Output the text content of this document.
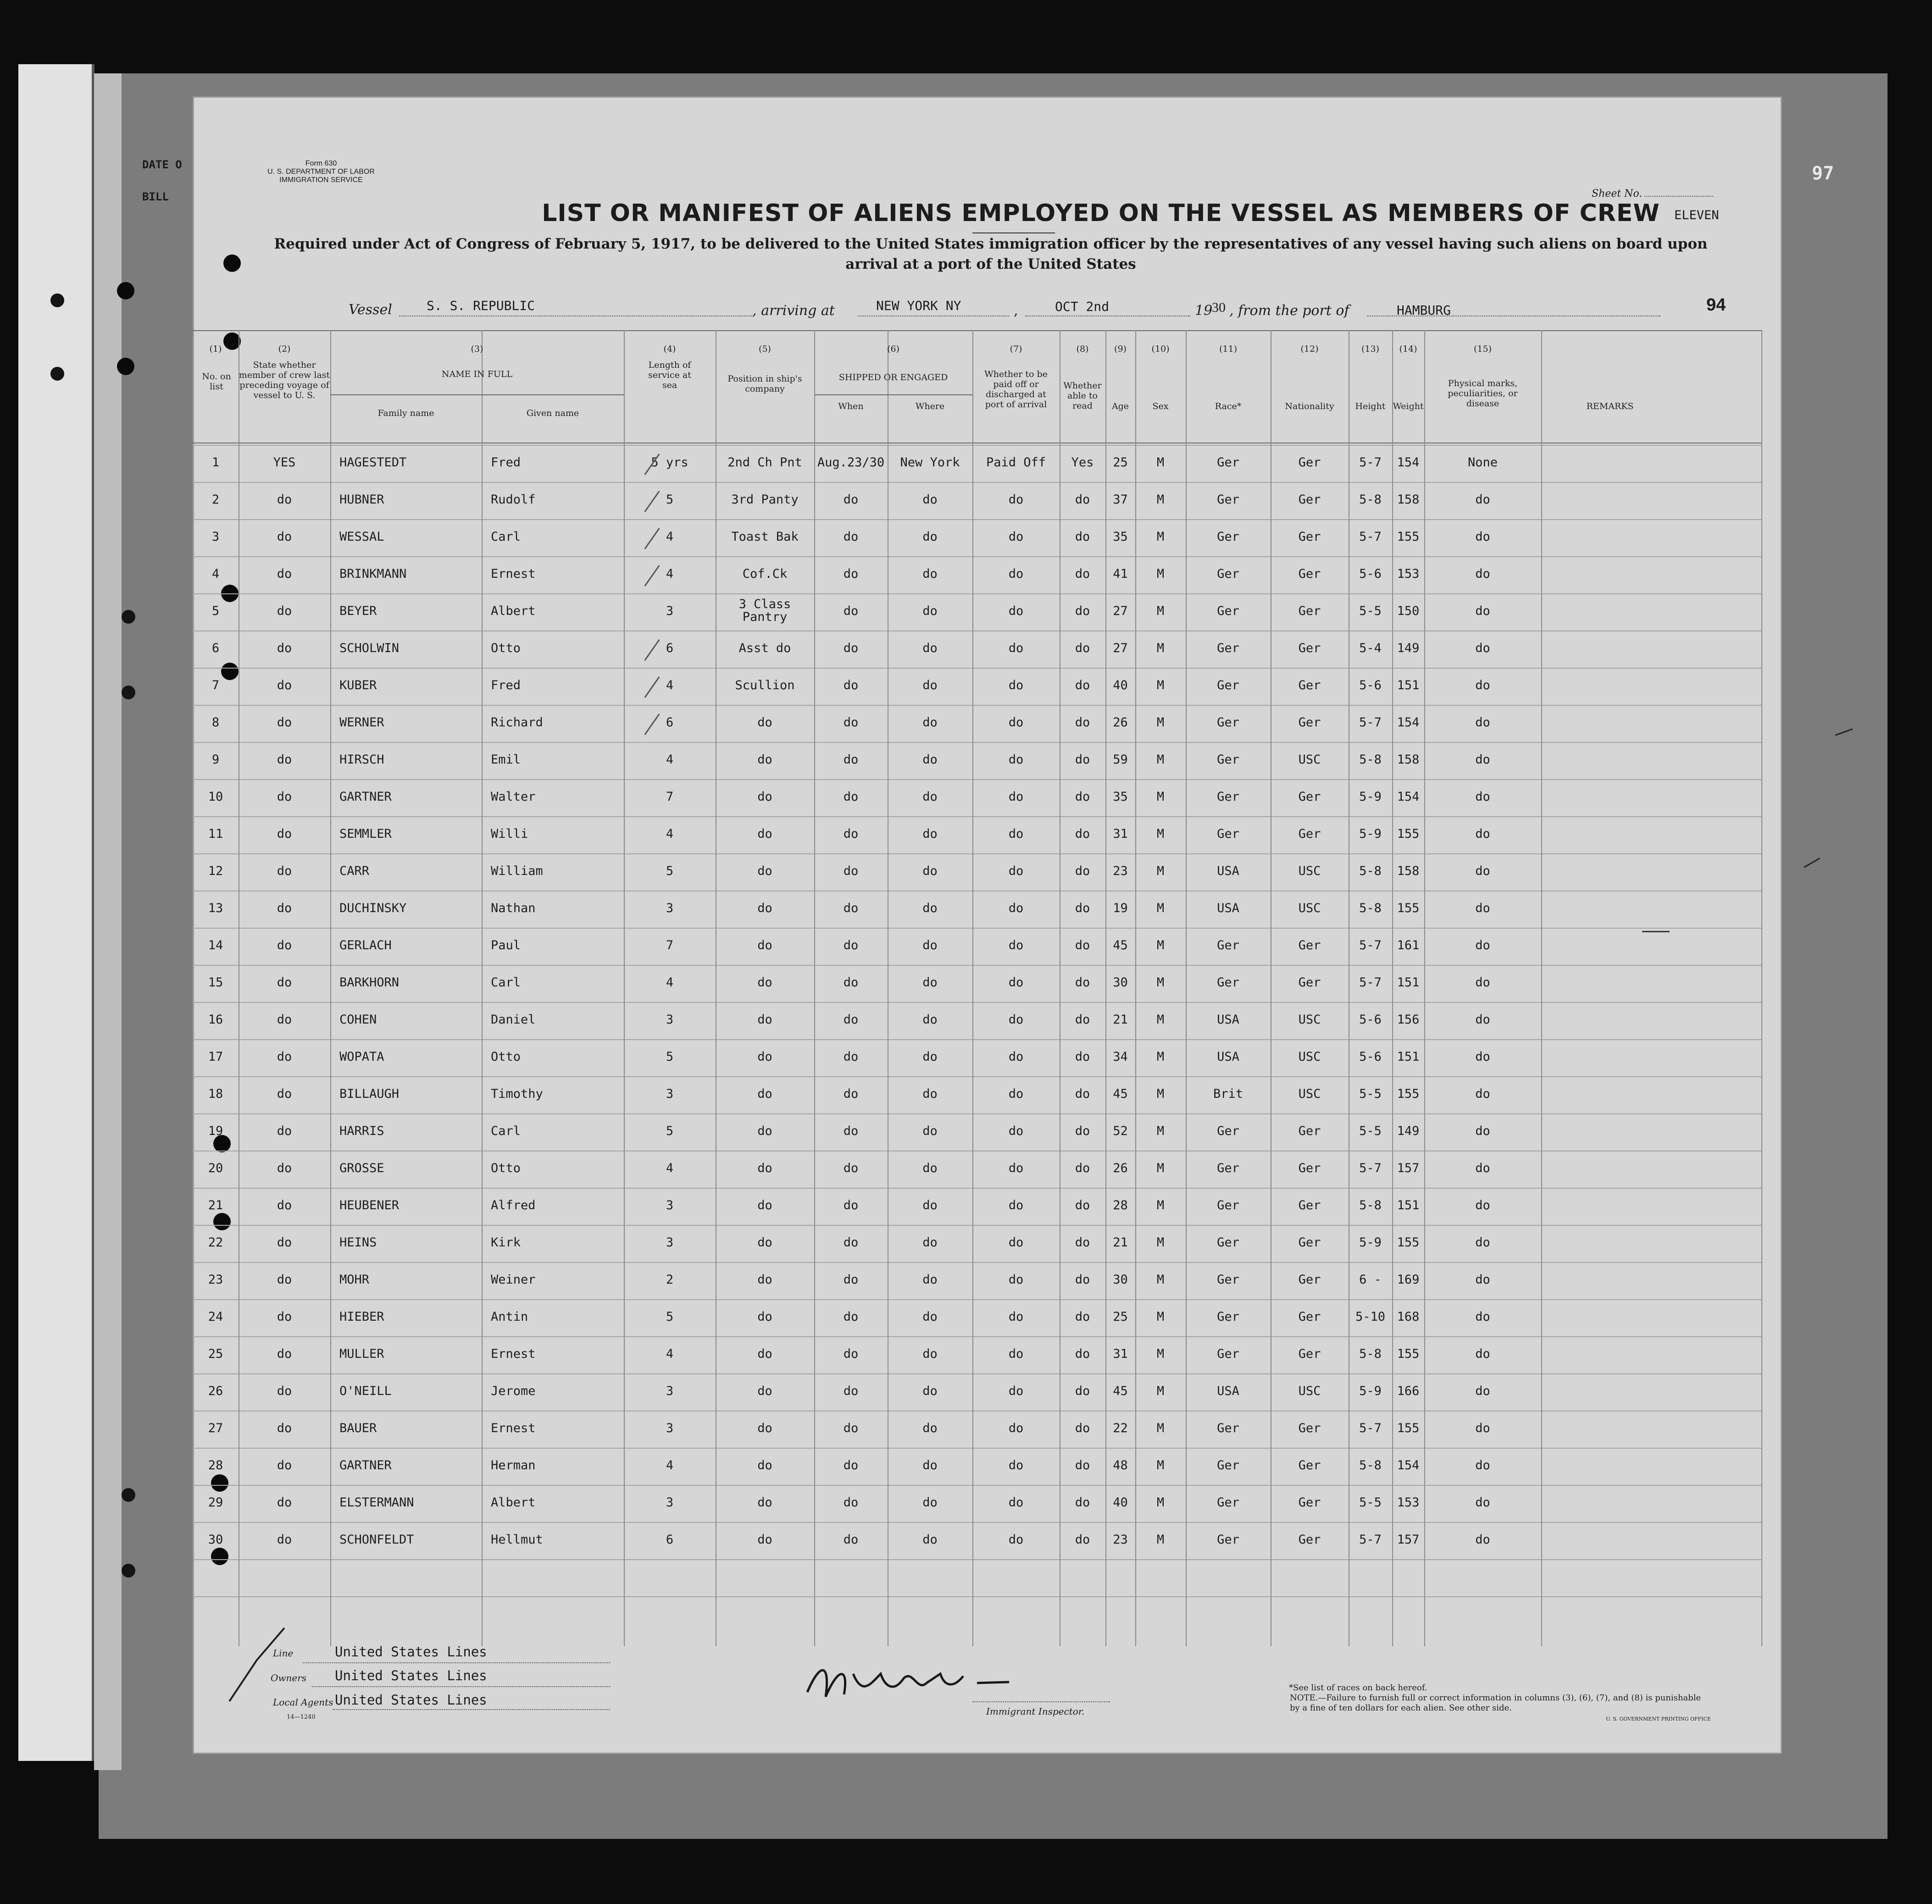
DATE O
BILL
97
Form 630
U. S. DEPARTMENT OF LABOR
IMMIGRATION SERVICE
LIST OR MANIFEST OF ALIENS EMPLOYED ON THE VESSEL AS MEMBERS OF CREW
Sheet No.
ELEVEN
Required under Act of Congress of February 5, 1917, to be delivered to the United States immigration officer by the representatives of any vessel having such aliens on board upon arrival at a port of the United States
Vessel	S. S. REPUBLIC	, arriving at	NEW YORK NY	,	OCT 2nd	19
30 , from the port of	HAMBURG	94
(1)
No. on list
(2)
State whether member of crew last preceding voyage of vessel to U. S.
(3)
NAME IN FULL
Family name	Given name
(4)
Length of service at sea
(5)
Position in ship's company
(6)
SHIPPED OR ENGAGED
When	Where
(7)
Whether to be paid off or discharged at port of arrival
(8)
Whether able to read
(9)
Age
(10)
Sex
(11)
Race*
(12)
Nationality
(13)
Height
(14)
Weight
(15)
Physical marks, peculiarities, or disease	REMARKS
1	YES	HAGESTEDT	Fred	5 yrs	2nd Ch Pnt	Aug.23/30	New York	Paid Off	Yes	25	M	Ger	Ger	5-7	154	None
2	do	HUBNER	Rudolf	5	3rd Panty	do	do	do	do	37	M	Ger	Ger	5-8	158	do
3	do	WESSAL	Carl	4	Toast Bak	do	do	do	do	35	M	Ger	Ger	5-7	155	do
4	do	BRINKMANN	Ernest	4	Cof.Ck	do	do	do	do	41	M	Ger	Ger	5-6	153	do
5	do	BEYER	Albert	3	3 Class Pantry	do	do	do	do	27	M	Ger	Ger	5-5	150	do
6	do	SCHOLWIN	Otto	6	Asst do	do	do	do	do	27	M	Ger	Ger	5-4	149	do
7	do	KUBER	Fred	4	Scullion	do	do	do	do	40	M	Ger	Ger	5-6	151	do
8	do	WERNER	Richard	6	do	do	do	do	do	26	M	Ger	Ger	5-7	154	do
9	do	HIRSCH	Emil	4	do	do	do	do	do	59	M	Ger	USC	5-8	158	do
10	do	GARTNER	Walter	7	do	do	do	do	do	35	M	Ger	Ger	5-9	154	do
11	do	SEMMLER	Willi	4	do	do	do	do	do	31	M	Ger	Ger	5-9	155	do
12	do	CARR	William	5	do	do	do	do	do	23	M	USA	USC	5-8	158	do
13	do	DUCHINSKY	Nathan	3	do	do	do	do	do	19	M	USA	USC	5-8	155	do
14	do	GERLACH	Paul	7	do	do	do	do	do	45	M	Ger	Ger	5-7	161	do
15	do	BARKHORN	Carl	4	do	do	do	do	do	30	M	Ger	Ger	5-7	151	do
16	do	COHEN	Daniel	3	do	do	do	do	do	21	M	USA	USC	5-6	156	do
17	do	WOPATA	Otto	5	do	do	do	do	do	34	M	USA	USC	5-6	151	do
18	do	BILLAUGH	Timothy	3	do	do	do	do	do	45	M	Brit	USC	5-5	155	do
19	do	HARRIS	Carl	5	do	do	do	do	do	52	M	Ger	Ger	5-5	149	do
20	do	GROSSE	Otto	4	do	do	do	do	do	26	M	Ger	Ger	5-7	157	do
21	do	HEUBENER	Alfred	3	do	do	do	do	do	28	M	Ger	Ger	5-8	151	do
22	do	HEINS	Kirk	3	do	do	do	do	do	21	M	Ger	Ger	5-9	155	do
23	do	MOHR	Weiner	2	do	do	do	do	do	30	M	Ger	Ger	6 -	169	do
24	do	HIEBER	Antin	5	do	do	do	do	do	25	M	Ger	Ger	5-10 168	do
25	do	MULLER	Ernest	4	do	do	do	do	do	31	M	Ger	Ger	5-8	155	do
26	do	O'NEILL	Jerome	3	do	do	do	do	do	45	M	USA	USC	5-9	166	do
27	do	BAUER	Ernest	3	do	do	do	do	do	22	M	Ger	Ger	5-7	155	do
28	do	GARTNER	Herman	4	do	do	do	do	do	48	M	Ger	Ger	5-8	154	do
29	do	ELSTERMANN	Albert	3	do	do	do	do	do	40	M	Ger	Ger	5-5	153	do
30	do	SCHONFELDT	Hellmut	6	do	do	do	do	do	23	M	Ger	Ger	5-7	157	do
Line	United States Lines
Owners United States Lines
Local Agents United States Lines
14—1240
Immigrant Inspector.
*See list of races on back hereof.
NOTE.—Failure to furnish full or correct information in columns (3), (6), (7), and (8) is punishable by a fine of ten dollars for each alien. See other side.
U. S. GOVERNMENT PRINTING OFFICE
